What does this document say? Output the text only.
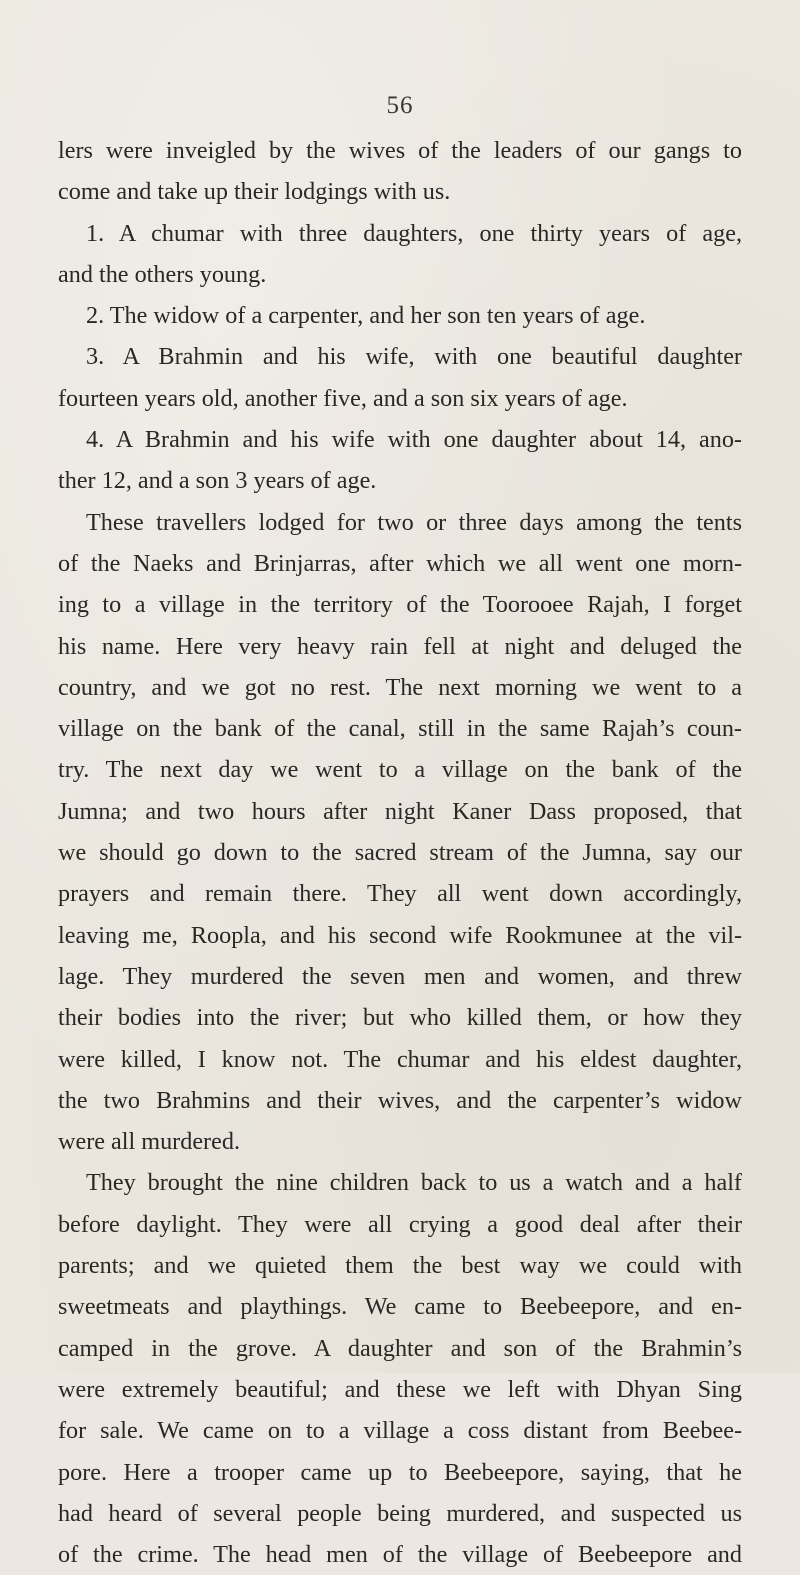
56
lers were inveigled by the wives of the leaders of our gangs to
come and take up their lodgings with us.
1. A chumar with three daughters, one thirty years of age,
and the others young.
2. The widow of a carpenter, and her son ten years of age.
3. A Brahmin and his wife, with one beautiful daughter
fourteen years old, another five, and a son six years of age.
4. A Brahmin and his wife with one daughter about 14, ano-
ther 12, and a son 3 years of age.
These travellers lodged for two or three days among the tents
of the Naeks and Brinjarras, after which we all went one morn-
ing to a village in the territory of the Toorooee Rajah, I forget
his name. Here very heavy rain fell at night and deluged the
country, and we got no rest. The next morning we went to a
village on the bank of the canal, still in the same Rajah’s coun-
try. The next day we went to a village on the bank of the
Jumna; and two hours after night Kaner Dass proposed, that
we should go down to the sacred stream of the Jumna, say our
prayers and remain there. They all went down accordingly,
leaving me, Roopla, and his second wife Rookmunee at the vil-
lage. They murdered the seven men and women, and threw
their bodies into the river; but who killed them, or how they
were killed, I know not. The chumar and his eldest daughter,
the two Brahmins and their wives, and the carpenter’s widow
were all murdered.
They brought the nine children back to us a watch and a half
before daylight. They were all crying a good deal after their
parents; and we quieted them the best way we could with
sweetmeats and playthings. We came to Beebeepore, and en-
camped in the grove. A daughter and son of the Brahmin’s
were extremely beautiful; and these we left with Dhyan Sing
for sale. We came on to a village a coss distant from Beebee-
pore. Here a trooper came up to Beebeepore, saying, that he
had heard of several people being murdered, and suspected us
of the crime. The head men of the village of Beebeepore and
